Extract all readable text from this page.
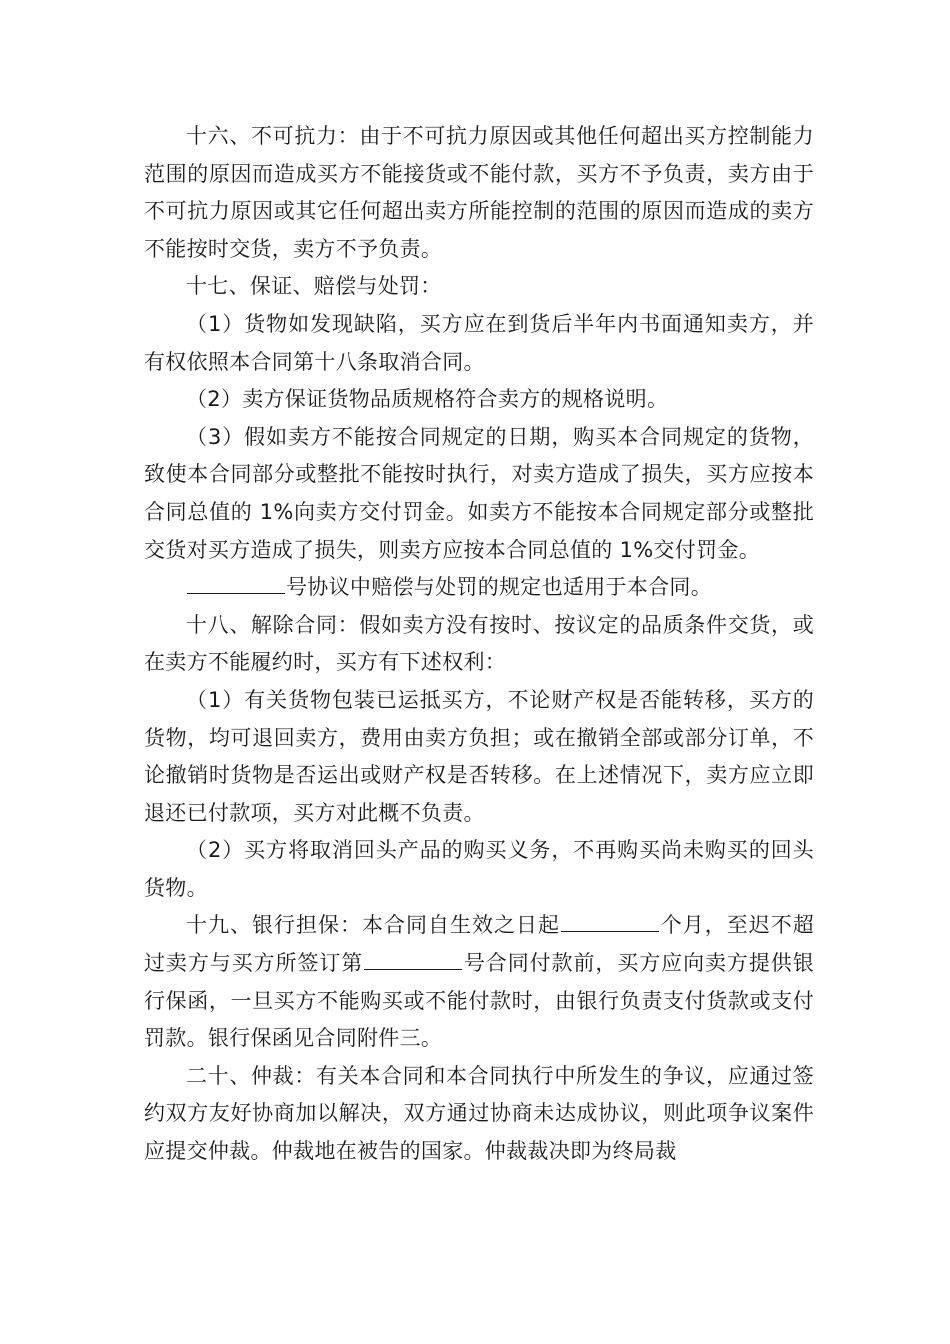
十六、不可抗力：由于不可抗力原因或其他任何超出买方控制能力范围的原因而造成买方不能接货或不能付款，买方不予负责，卖方由于不可抗力原因或其它任何超出卖方所能控制的范围的原因而造成的卖方不能按时交货，卖方不予负责。

十七、保证、赔偿与处罚：

（1）货物如发现缺陷，买方应在到货后半年内书面通知卖方，并有权依照本合同第十八条取消合同。

（2）卖方保证货物品质规格符合卖方的规格说明。

（3）假如卖方不能按合同规定的日期，购买本合同规定的货物，致使本合同部分或整批不能按时执行，对卖方造成了损失，买方应按本合同总值的 1%向卖方交付罚金。如卖方不能按本合同规定部分或整批交货对买方造成了损失，则卖方应按本合同总值的 1%交付罚金。

号协议中赔偿与处罚的规定也适用于本合同。

十八、解除合同：假如卖方没有按时、按议定的品质条件交货，或在卖方不能履约时，买方有下述权利：

（1）有关货物包装已运抵买方，不论财产权是否能转移，买方的货物，均可退回卖方，费用由卖方负担；或在撤销全部或部分订单，不论撤销时货物是否运出或财产权是否转移。在上述情况下，卖方应立即退还已付款项，买方对此概不负责。

（2）买方将取消回头产品的购买义务，不再购买尚未购买的回头货物。

十九、银行担保：本合同自生效之日起	个月，至迟不超过卖方与买方所签订第	号合同付款前，买方应向卖方提供银行保函，一旦买方不能购买或不能付款时，由银行负责支付货款或支付罚款。银行保函见合同附件三。

二十、仲裁：有关本合同和本合同执行中所发生的争议，应通过签约双方友好协商加以解决，双方通过协商未达成协议，则此项争议案件应提交仲裁。仲裁地在被告的国家。仲裁裁决即为终局裁
